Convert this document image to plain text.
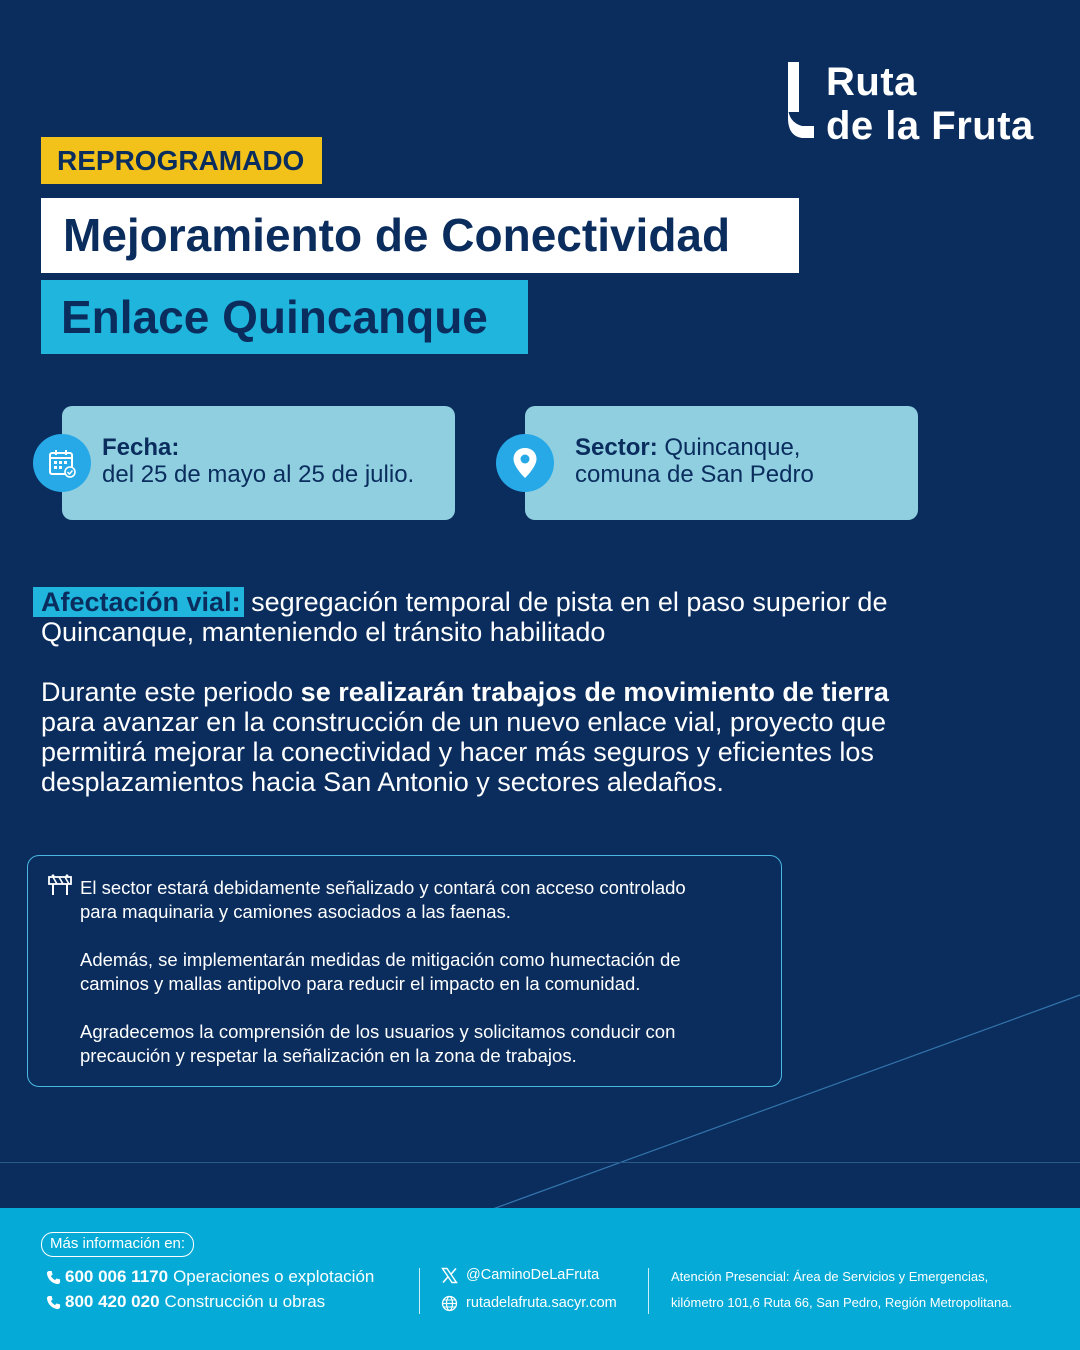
Ruta
de la Fruta
REPROGRAMADO
Mejoramiento de Conectividad
Enlace Quincanque
Fecha:
del 25 de mayo al 25 de julio.
Sector: Quincanque,
comuna de San Pedro
Afectación vial: segregación temporal de pista en el paso superior de
Quincanque, manteniendo el tránsito habilitado
Durante este periodo se realizarán trabajos de movimiento de tierra
para avanzar en la construcción de un nuevo enlace vial, proyecto que
permitirá mejorar la conectividad y hacer más seguros y eficientes los
desplazamientos hacia San Antonio y sectores aledaños.

El sector estará debidamente señalizado y contará con acceso controlado
para maquinaria y camiones asociados a las faenas.

Además, se implementarán medidas de mitigación como humectación de
caminos y mallas antipolvo para reducir el impacto en la comunidad.

Agradecemos la comprensión de los usuarios y solicitamos conducir con
precaución y respetar la señalización en la zona de trabajos.

Más información en:
600 006 1170 Operaciones o explotación
800 420 020 Construcción u obras
@CaminoDeLaFruta
rutadelafruta.sacyr.com
Atención Presencial: Área de Servicios y Emergencias,
kilómetro 101,6 Ruta 66, San Pedro, Región Metropolitana.
